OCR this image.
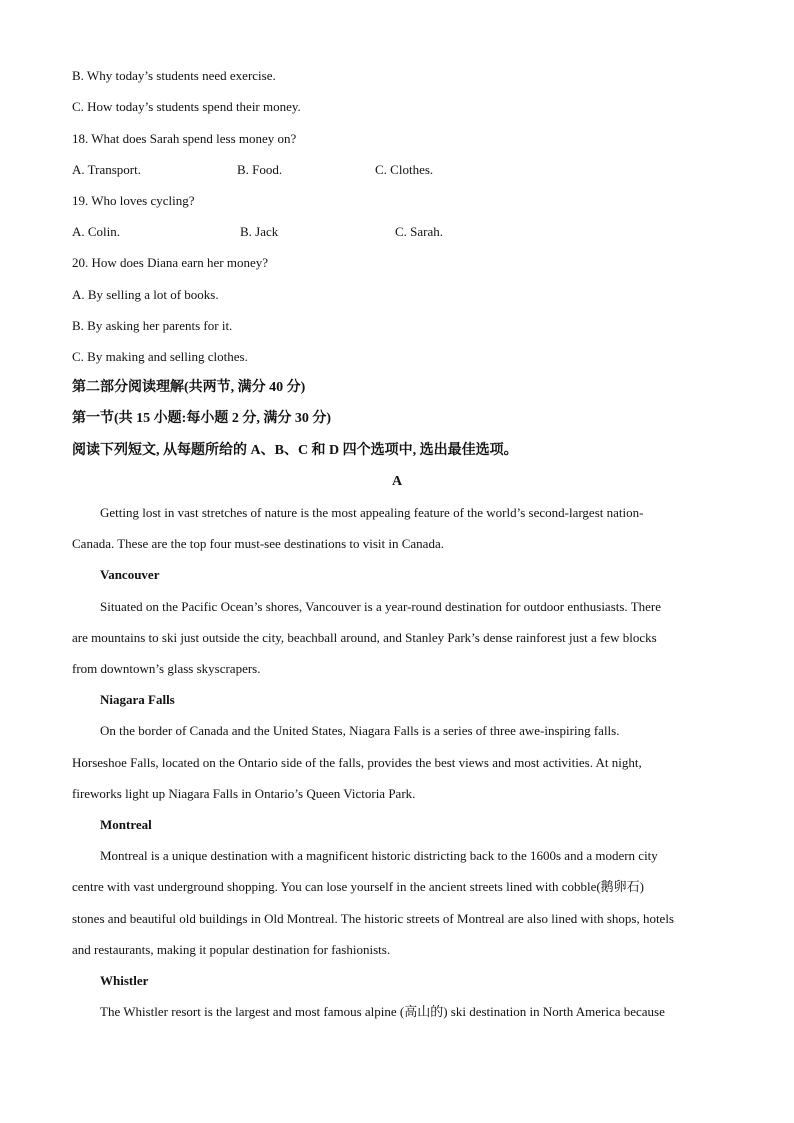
B. Why today’s students need exercise.
C. How today’s students spend their money.
18. What does Sarah spend less money on?
A. Transport.	B. Food.	C. Clothes.
19. Who loves cycling?
A. Colin.	B. Jack	C. Sarah.
20. How does Diana earn her money?
A. By selling a lot of books.
B. By asking her parents for it.
C. By making and selling clothes.
第二部分阅读理解(共两节, 满分 40 分)
第一节(共 15 小题:每小题 2 分, 满分 30 分)
阅读下列短文, 从每题所给的 A、B、C 和 D 四个选项中, 选出最佳选项。
A
Getting lost in vast stretches of nature is the most appealing feature of the world’s second-largest nation-
Canada. These are the top four must-see destinations to visit in Canada.
Vancouver
Situated on the Pacific Ocean’s shores, Vancouver is a year-round destination for outdoor enthusiasts. There
are mountains to ski just outside the city, beachball around, and Stanley Park’s dense rainforest just a few blocks
from downtown’s glass skyscrapers.
Niagara Falls
On the border of Canada and the United States, Niagara Falls is a series of three awe-inspiring falls.
Horseshoe Falls, located on the Ontario side of the falls, provides the best views and most activities. At night,
fireworks light up Niagara Falls in Ontario’s Queen Victoria Park.
Montreal
Montreal is a unique destination with a magnificent historic districting back to the 1600s and a modern city
centre with vast underground shopping. You can lose yourself in the ancient streets lined with cobble(鹅卵石)
stones and beautiful old buildings in Old Montreal. The historic streets of Montreal are also lined with shops, hotels
and restaurants, making it popular destination for fashionists.
Whistler
The Whistler resort is the largest and most famous alpine (高山的) ski destination in North America because
